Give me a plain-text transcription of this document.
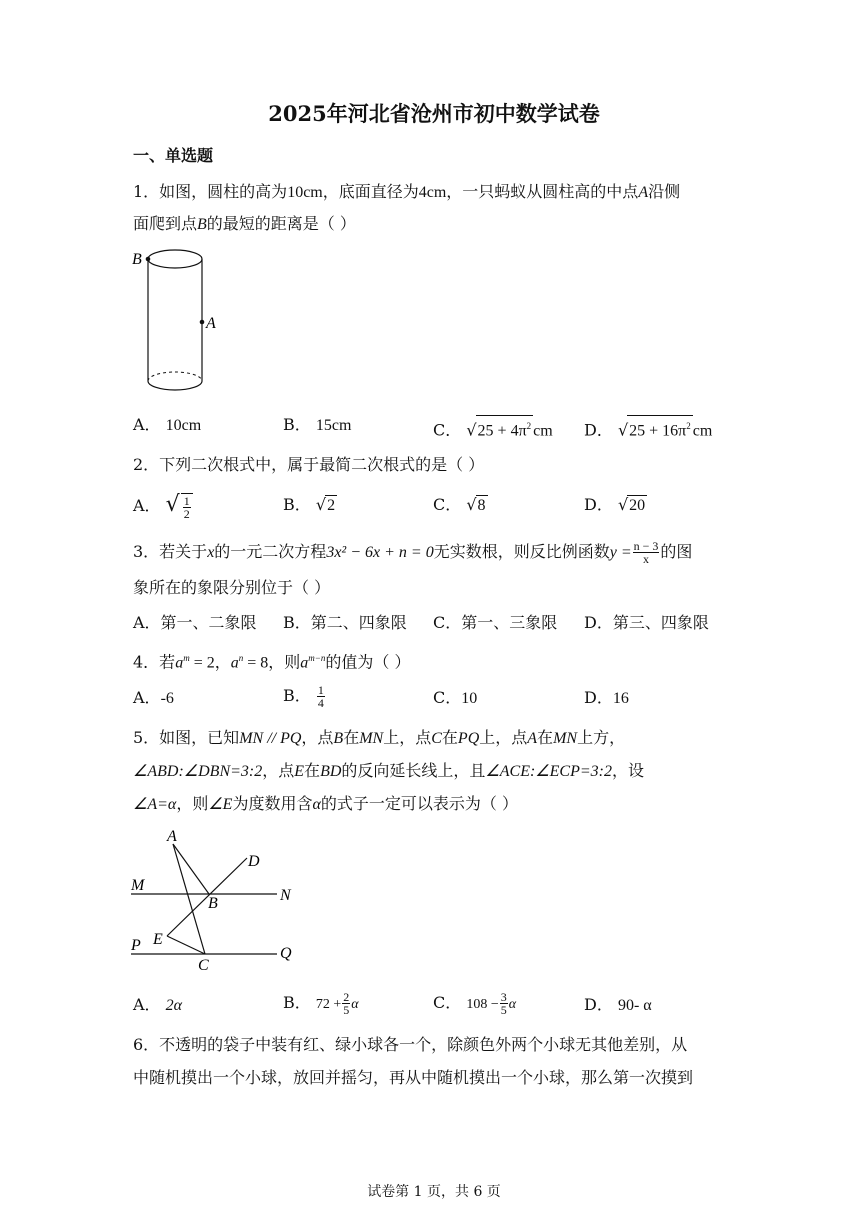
2025年河北省沧州市初中数学试卷
一、单选题
1．如图，圆柱的高为10cm，底面直径为4cm，一只蚂蚁从圆柱高的中点A沿侧
面爬到点B的最短的距离是（ ）
B
A
A． 10cm	B． 15cm	C． $√25 + 4\pi^2$ cm D． $√25 + 16\pi^2$ cm
2．下列二次根式中，属于最简二次根式的是（ ）
A． √ $\frac{1}{2}$	B． √2	C． √8	D． √20
3．若关于x的一元二次方程3x² − 6x + n = 0无实数根，则反比例函数$y = \frac{n - 3}{x}$ 的图
象所在的象限分别位于（ ）
A．第一、二象限 B．第二、四象限 C．第一、三象限 D．第三、四象限
4．若$a^m = 2$，$a^n = 8$，则$a^{m-n}$的值为（ ）
A．-6	B． $\frac{1}{4}$	C．10	D．16
5．如图，已知MN // PQ，点B在MN上，点C在PQ上，点A在MN上方，
∠ABD:∠DBN=3:2，点E在BD的反向延长线上，且∠ACE:∠ECP=3:2，设
∠A=α，则∠E为度数用含α的式子一定可以表示为（ ）
A
D
M
B	N
E
P
C
Q
A． 2α	B． $72 + \frac{2}{5}$ α	C． $108 - \frac{3}{5}$ α	D． 90- α
6．不透明的袋子中装有红、绿小球各一个，除颜色外两个小球无其他差别，从
中随机摸出一个小球，放回并摇匀，再从中随机摸出一个小球，那么第一次摸到
试卷第 1 页，共 6 页
